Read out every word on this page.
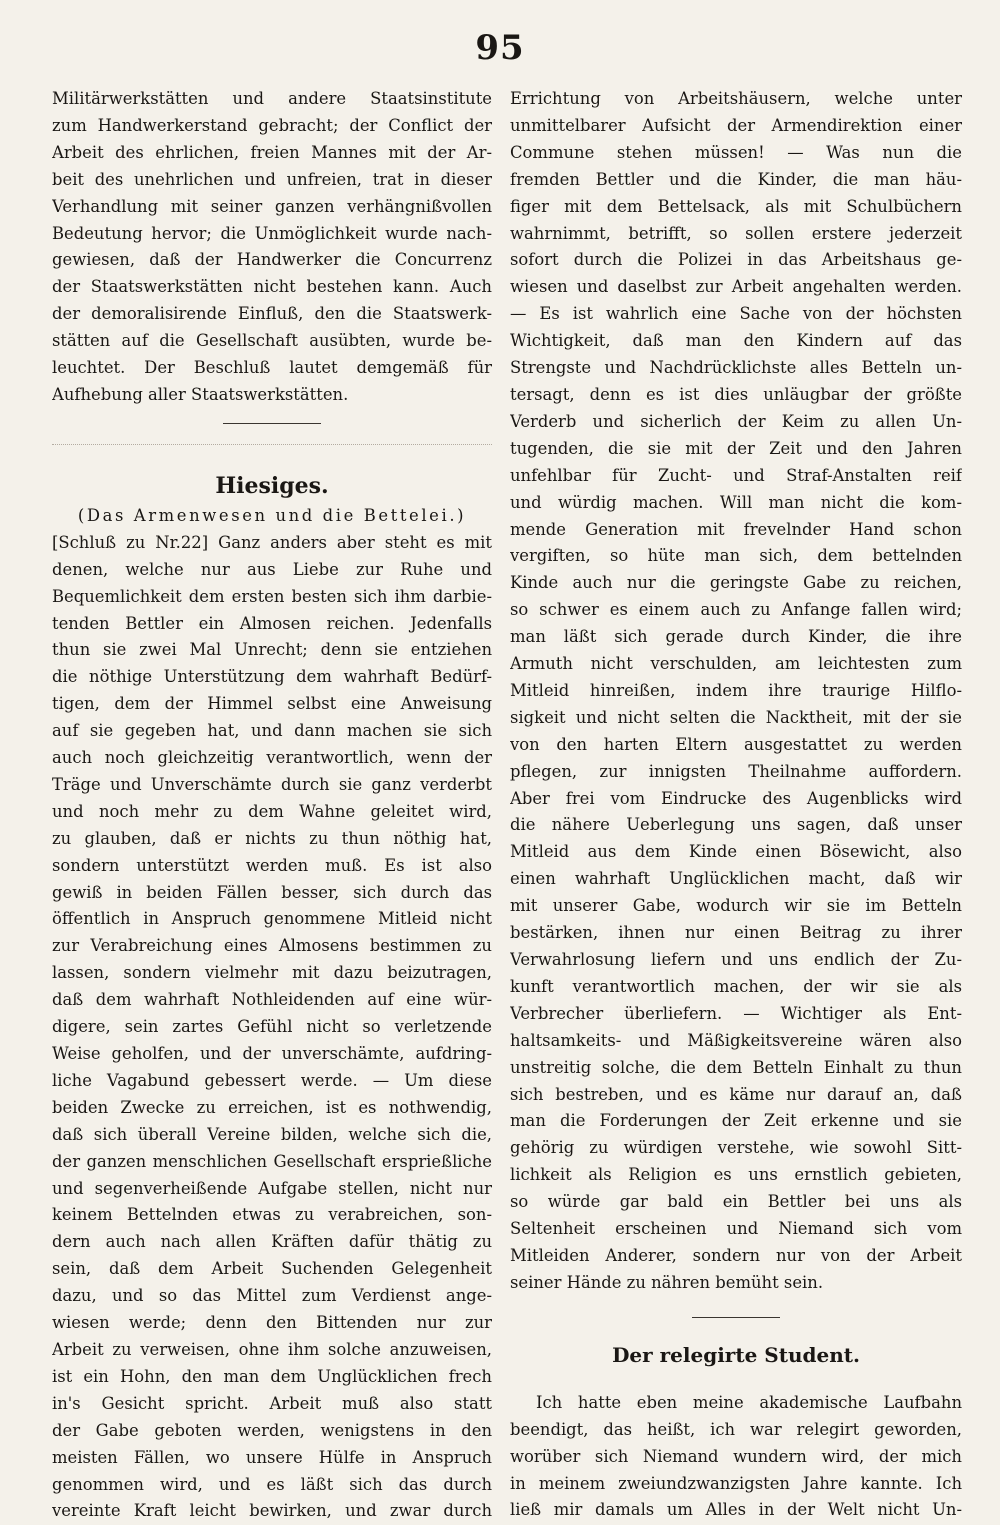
95
Militärwerkstätten und andere Staatsinstitute
zum Handwerkerstand gebracht; der Conflict der
Arbeit des ehrlichen, freien Mannes mit der Ar-
beit des unehrlichen und unfreien, trat in dieser
Verhandlung mit seiner ganzen verhängnißvollen
Bedeutung hervor; die Unmöglichkeit wurde nach-
gewiesen, daß der Handwerker die Concurrenz
der Staatswerkstätten nicht bestehen kann. Auch
der demoralisirende Einfluß, den die Staatswerk-
stätten auf die Gesellschaft ausübten, wurde be-
leuchtet. Der Beschluß lautet demgemäß für
Aufhebung aller Staatswerkstätten.
Hiesiges.
(Das Armenwesen und die Bettelei.)
[Schluß zu Nr.22] Ganz anders aber steht es mit
denen, welche nur aus Liebe zur Ruhe und
Bequemlichkeit dem ersten besten sich ihm darbie-
tenden Bettler ein Almosen reichen. Jedenfalls
thun sie zwei Mal Unrecht; denn sie entziehen
die nöthige Unterstützung dem wahrhaft Bedürf-
tigen, dem der Himmel selbst eine Anweisung
auf sie gegeben hat, und dann machen sie sich
auch noch gleichzeitig verantwortlich, wenn der
Träge und Unverschämte durch sie ganz verderbt
und noch mehr zu dem Wahne geleitet wird,
zu glauben, daß er nichts zu thun nöthig hat,
sondern unterstützt werden muß. Es ist also
gewiß in beiden Fällen besser, sich durch das
öffentlich in Anspruch genommene Mitleid nicht
zur Verabreichung eines Almosens bestimmen zu
lassen, sondern vielmehr mit dazu beizutragen,
daß dem wahrhaft Nothleidenden auf eine wür-
digere, sein zartes Gefühl nicht so verletzende
Weise geholfen, und der unverschämte, aufdring-
liche Vagabund gebessert werde. — Um diese
beiden Zwecke zu erreichen, ist es nothwendig,
daß sich überall Vereine bilden, welche sich die,
der ganzen menschlichen Gesellschaft ersprießliche
und segenverheißende Aufgabe stellen, nicht nur
keinem Bettelnden etwas zu verabreichen, son-
dern auch nach allen Kräften dafür thätig zu
sein, daß dem Arbeit Suchenden Gelegenheit
dazu, und so das Mittel zum Verdienst ange-
wiesen werde; denn den Bittenden nur zur
Arbeit zu verweisen, ohne ihm solche anzuweisen,
ist ein Hohn, den man dem Unglücklichen frech
in's Gesicht spricht. Arbeit muß also statt
der Gabe geboten werden, wenigstens in den
meisten Fällen, wo unsere Hülfe in Anspruch
genommen wird, und es läßt sich das durch
vereinte Kraft leicht bewirken, und zwar durch
Errichtung von Arbeitshäusern, welche unter
unmittelbarer Aufsicht der Armendirektion einer
Commune stehen müssen! — Was nun die
fremden Bettler und die Kinder, die man häu-
figer mit dem Bettelsack, als mit Schulbüchern
wahrnimmt, betrifft, so sollen erstere jederzeit
sofort durch die Polizei in das Arbeitshaus ge-
wiesen und daselbst zur Arbeit angehalten werden.
— Es ist wahrlich eine Sache von der höchsten
Wichtigkeit, daß man den Kindern auf das
Strengste und Nachdrücklichste alles Betteln un-
tersagt, denn es ist dies unläugbar der größte
Verderb und sicherlich der Keim zu allen Un-
tugenden, die sie mit der Zeit und den Jahren
unfehlbar für Zucht- und Straf-Anstalten reif
und würdig machen. Will man nicht die kom-
mende Generation mit frevelnder Hand schon
vergiften, so hüte man sich, dem bettelnden
Kinde auch nur die geringste Gabe zu reichen,
so schwer es einem auch zu Anfange fallen wird;
man läßt sich gerade durch Kinder, die ihre
Armuth nicht verschulden, am leichtesten zum
Mitleid hinreißen, indem ihre traurige Hilflo-
sigkeit und nicht selten die Nacktheit, mit der sie
von den harten Eltern ausgestattet zu werden
pflegen, zur innigsten Theilnahme auffordern.
Aber frei vom Eindrucke des Augenblicks wird
die nähere Ueberlegung uns sagen, daß unser
Mitleid aus dem Kinde einen Bösewicht, also
einen wahrhaft Unglücklichen macht, daß wir
mit unserer Gabe, wodurch wir sie im Betteln
bestärken, ihnen nur einen Beitrag zu ihrer
Verwahrlosung liefern und uns endlich der Zu-
kunft verantwortlich machen, der wir sie als
Verbrecher überliefern. — Wichtiger als Ent-
haltsamkeits- und Mäßigkeitsvereine wären also
unstreitig solche, die dem Betteln Einhalt zu thun
sich bestreben, und es käme nur darauf an, daß
man die Forderungen der Zeit erkenne und sie
gehörig zu würdigen verstehe, wie sowohl Sitt-
lichkeit als Religion es uns ernstlich gebieten,
so würde gar bald ein Bettler bei uns als
Seltenheit erscheinen und Niemand sich vom
Mitleiden Anderer, sondern nur von der Arbeit
seiner Hände zu nähren bemüht sein.
Der relegirte Student.
Ich hatte eben meine akademische Laufbahn
beendigt, das heißt, ich war relegirt geworden,
worüber sich Niemand wundern wird, der mich
in meinem zweiundzwanzigsten Jahre kannte. Ich
ließ mir damals um Alles in der Welt nicht Un-
